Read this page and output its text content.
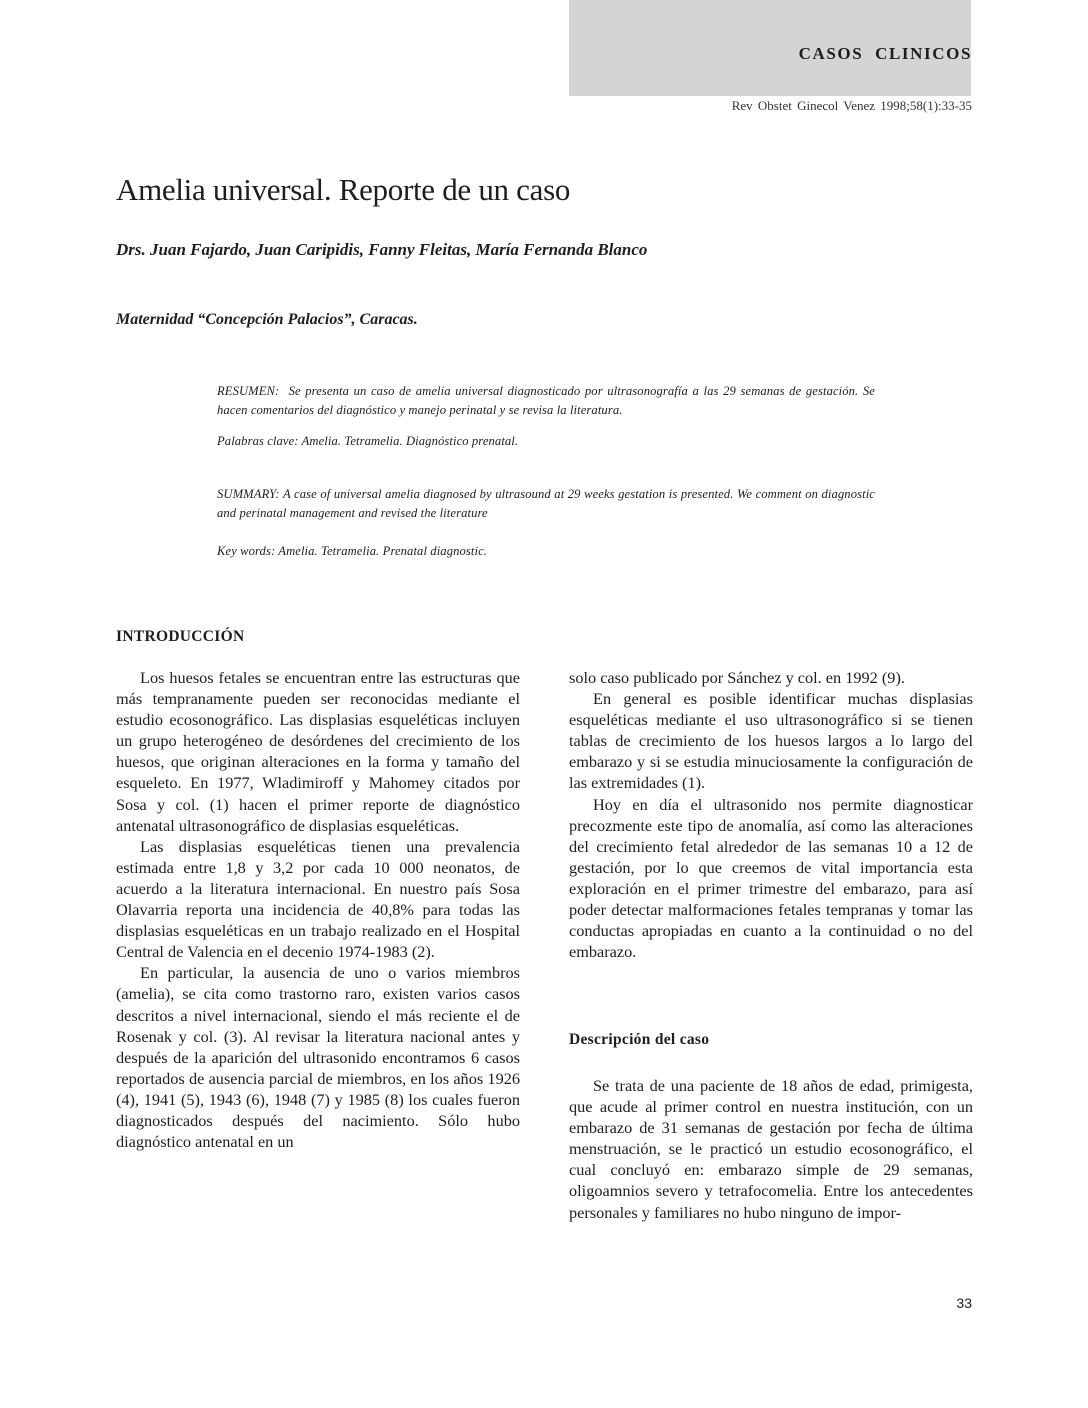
CASOS CLINICOS
Rev Obstet Ginecol Venez 1998;58(1):33-35
Amelia universal. Reporte de un caso
Drs. Juan Fajardo, Juan Caripidis, Fanny Fleitas, María Fernanda Blanco
Maternidad “Concepción Palacios”, Caracas.
RESUMEN: Se presenta un caso de amelia universal diagnosticado por ultrasonografía a las 29 semanas de gestación. Se hacen comentarios del diagnóstico y manejo perinatal y se revisa la literatura.
Palabras clave: Amelia. Tetramelia. Diagnóstico prenatal.
SUMMARY: A case of universal amelia diagnosed by ultrasound at 29 weeks gestation is presented. We comment on diagnostic and perinatal management and revised the literature
Key words: Amelia. Tetramelia. Prenatal diagnostic.
INTRODUCCIÓN

Los huesos fetales se encuentran entre las estructuras que más tempranamente pueden ser reconocidas mediante el estudio ecosonográfico. Las displasias esqueléticas incluyen un grupo heterogéneo de desórdenes del crecimiento de los huesos, que originan alteraciones en la forma y tamaño del esqueleto. En 1977, Wladimiroff y Mahomey citados por Sosa y col. (1) hacen el primer reporte de diagnóstico antenatal ultrasonográfico de displasias esqueléticas.

Las displasias esqueléticas tienen una prevalencia estimada entre 1,8 y 3,2 por cada 10 000 neonatos, de acuerdo a la literatura internacional. En nuestro país Sosa Olavarria reporta una incidencia de 40,8% para todas las displasias esqueléticas en un trabajo realizado en el Hospital Central de Valencia en el decenio 1974-1983 (2).

En particular, la ausencia de uno o varios miembros (amelia), se cita como trastorno raro, existen varios casos descritos a nivel internacional, siendo el más reciente el de Rosenak y col. (3). Al revisar la literatura nacional antes y después de la aparición del ultrasonido encontramos 6 casos reportados de ausencia parcial de miembros, en los años 1926 (4), 1941 (5), 1943 (6), 1948 (7) y 1985 (8) los cuales fueron diagnosticados después del nacimiento. Sólo hubo diagnóstico antenatal en un

solo caso publicado por Sánchez y col. en 1992 (9).

En general es posible identificar muchas displasias esqueléticas mediante el uso ultrasonográfico si se tienen tablas de crecimiento de los huesos largos a lo largo del embarazo y si se estudia minuciosamente la configuración de las extremidades (1).

Hoy en día el ultrasonido nos permite diagnosticar precozmente este tipo de anomalía, así como las alteraciones del crecimiento fetal alrededor de las semanas 10 a 12 de gestación, por lo que creemos de vital importancia esta exploración en el primer trimestre del embarazo, para así poder detectar malformaciones fetales tempranas y tomar las conductas apropiadas en cuanto a la continuidad o no del embarazo.

Descripción del caso

Se trata de una paciente de 18 años de edad, primigesta, que acude al primer control en nuestra institución, con un embarazo de 31 semanas de gestación por fecha de última menstruación, se le practicó un estudio ecosonográfico, el cual concluyó en: embarazo simple de 29 semanas, oligoamnios severo y tetrafocomelia. Entre los antecedentes personales y familiares no hubo ninguno de impor-

33
